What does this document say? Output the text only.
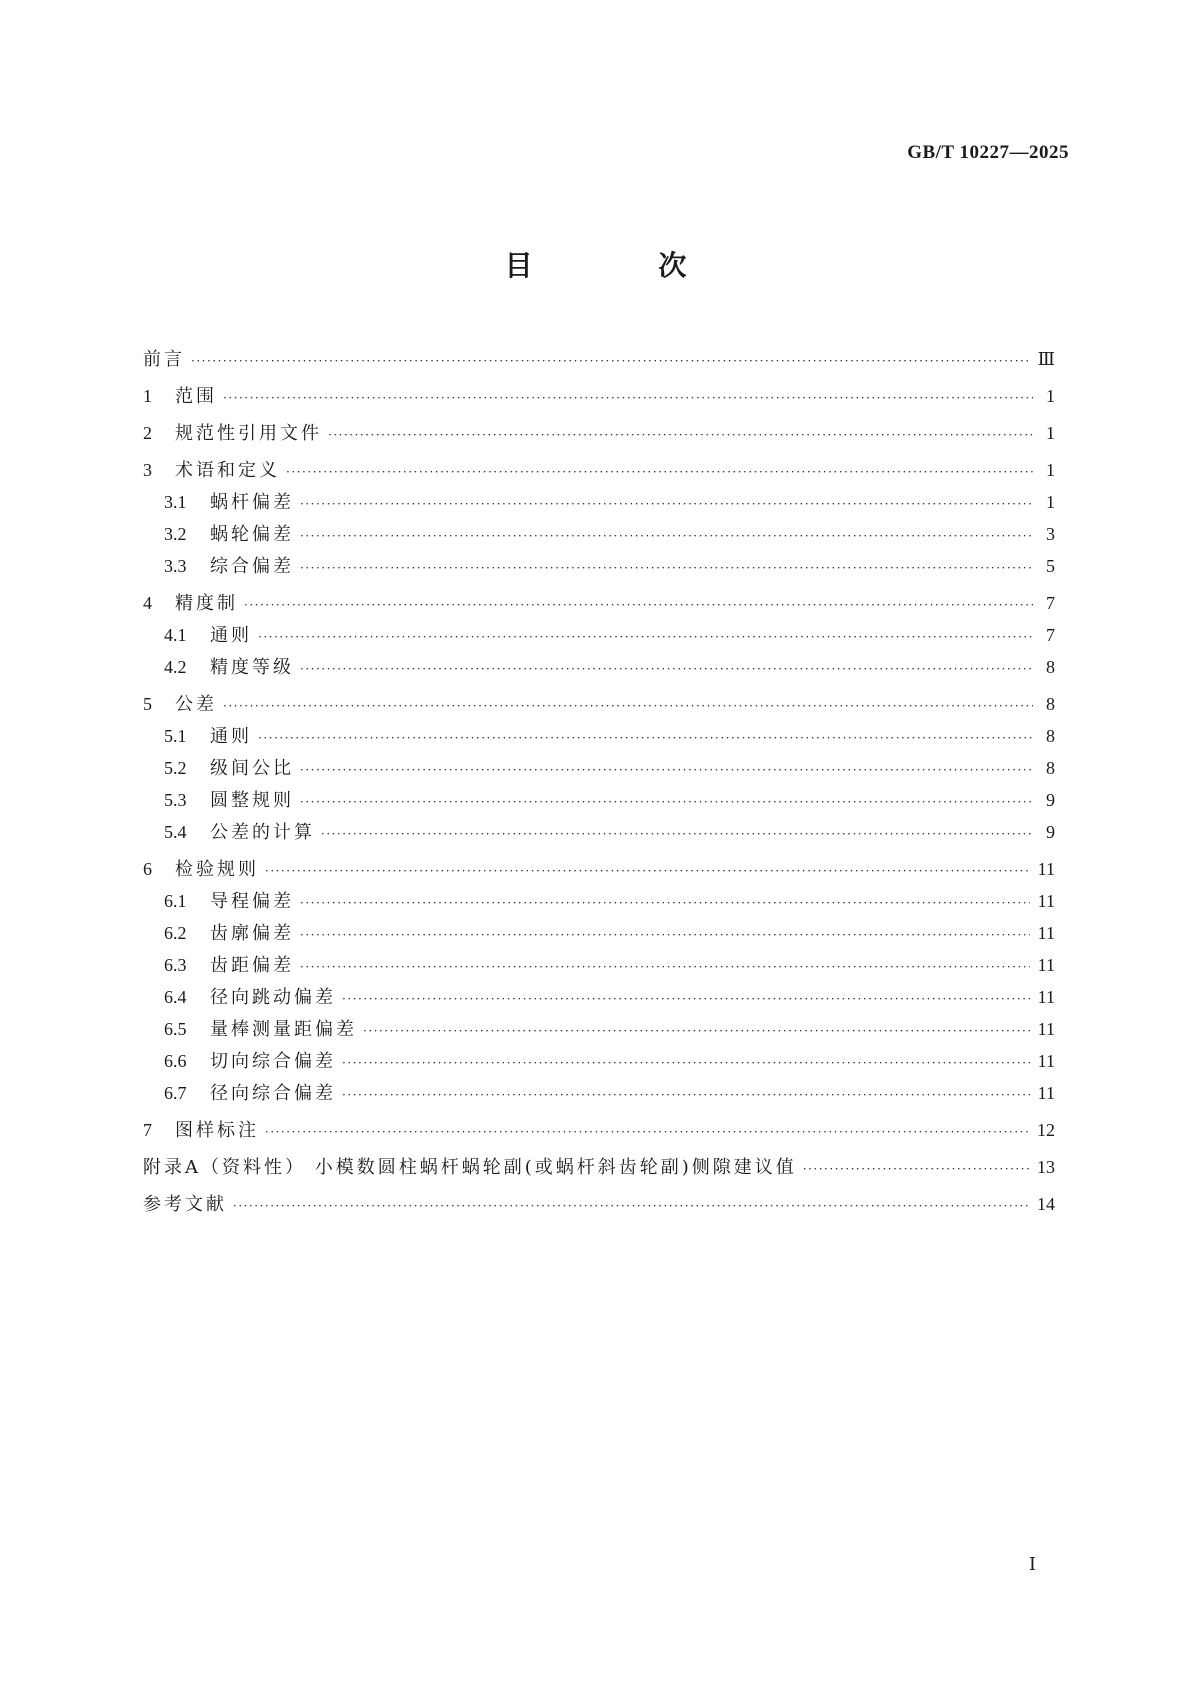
GB/T 10227—2025
目 次
前言 ·····	Ⅲ
1	范围 ·····	1
2	规范性引用文件 ·····	1
3	术语和定义 ·····	1
3.1	蜗杆偏差 ·····	1
3.2	蜗轮偏差 ·····	3
3.3	综合偏差 ·····	5
4	精度制 ·····	7
4.1	通则 ·····	7
4.2	精度等级 ·····	8
5	公差 ·····	8
5.1	通则 ·····	8
5.2	级间公比 ·····	8
5.3	圆整规则 ·····	9
5.4	公差的计算 ·····	9
6	检验规则 ·····	11
6.1	导程偏差 ·····	11
6.2	齿廓偏差 ·····	11
6.3	齿距偏差 ·····	11
6.4	径向跳动偏差 ·····	11
6.5	量棒测量距偏差 ·····	11
6.6	切向综合偏差 ·····	11
6.7	径向综合偏差 ·····	11
7	图样标注 ·····	12
附录A（资料性） 小模数圆柱蜗杆蜗轮副(或蜗杆斜齿轮副)侧隙建议值 ·····	13
参考文献 ·····	14
Ⅰ
